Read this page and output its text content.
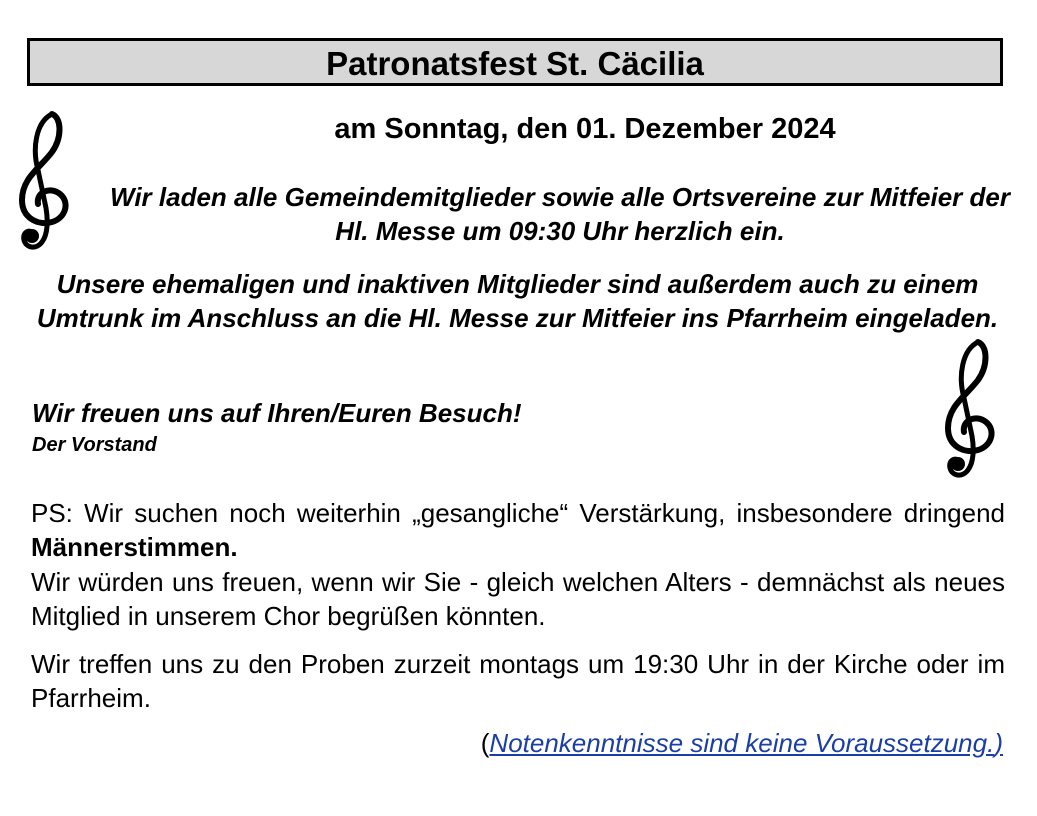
Patronatsfest St. Cäcilia
am Sonntag, den 01. Dezember 2024
Wir laden alle Gemeindemitglieder sowie alle Ortsvereine zur Mitfeier der Hl. Messe um 09:30 Uhr herzlich ein.
Unsere ehemaligen und inaktiven Mitglieder sind außerdem auch zu einem Umtrunk im Anschluss an die Hl. Messe zur Mitfeier ins Pfarrheim eingeladen.
Wir freuen uns auf Ihren/Euren Besuch!
Der Vorstand
PS: Wir suchen noch weiterhin „gesangliche“ Verstärkung, insbesondere dringend Männerstimmen.
Wir würden uns freuen, wenn wir Sie - gleich welchen Alters - demnächst als neues Mitglied in unserem Chor begrüßen könnten.
Wir treffen uns zu den Proben zurzeit montags um 19:30 Uhr in der Kirche oder im Pfarrheim.
(Notenkenntnisse sind keine Voraussetzung.)
